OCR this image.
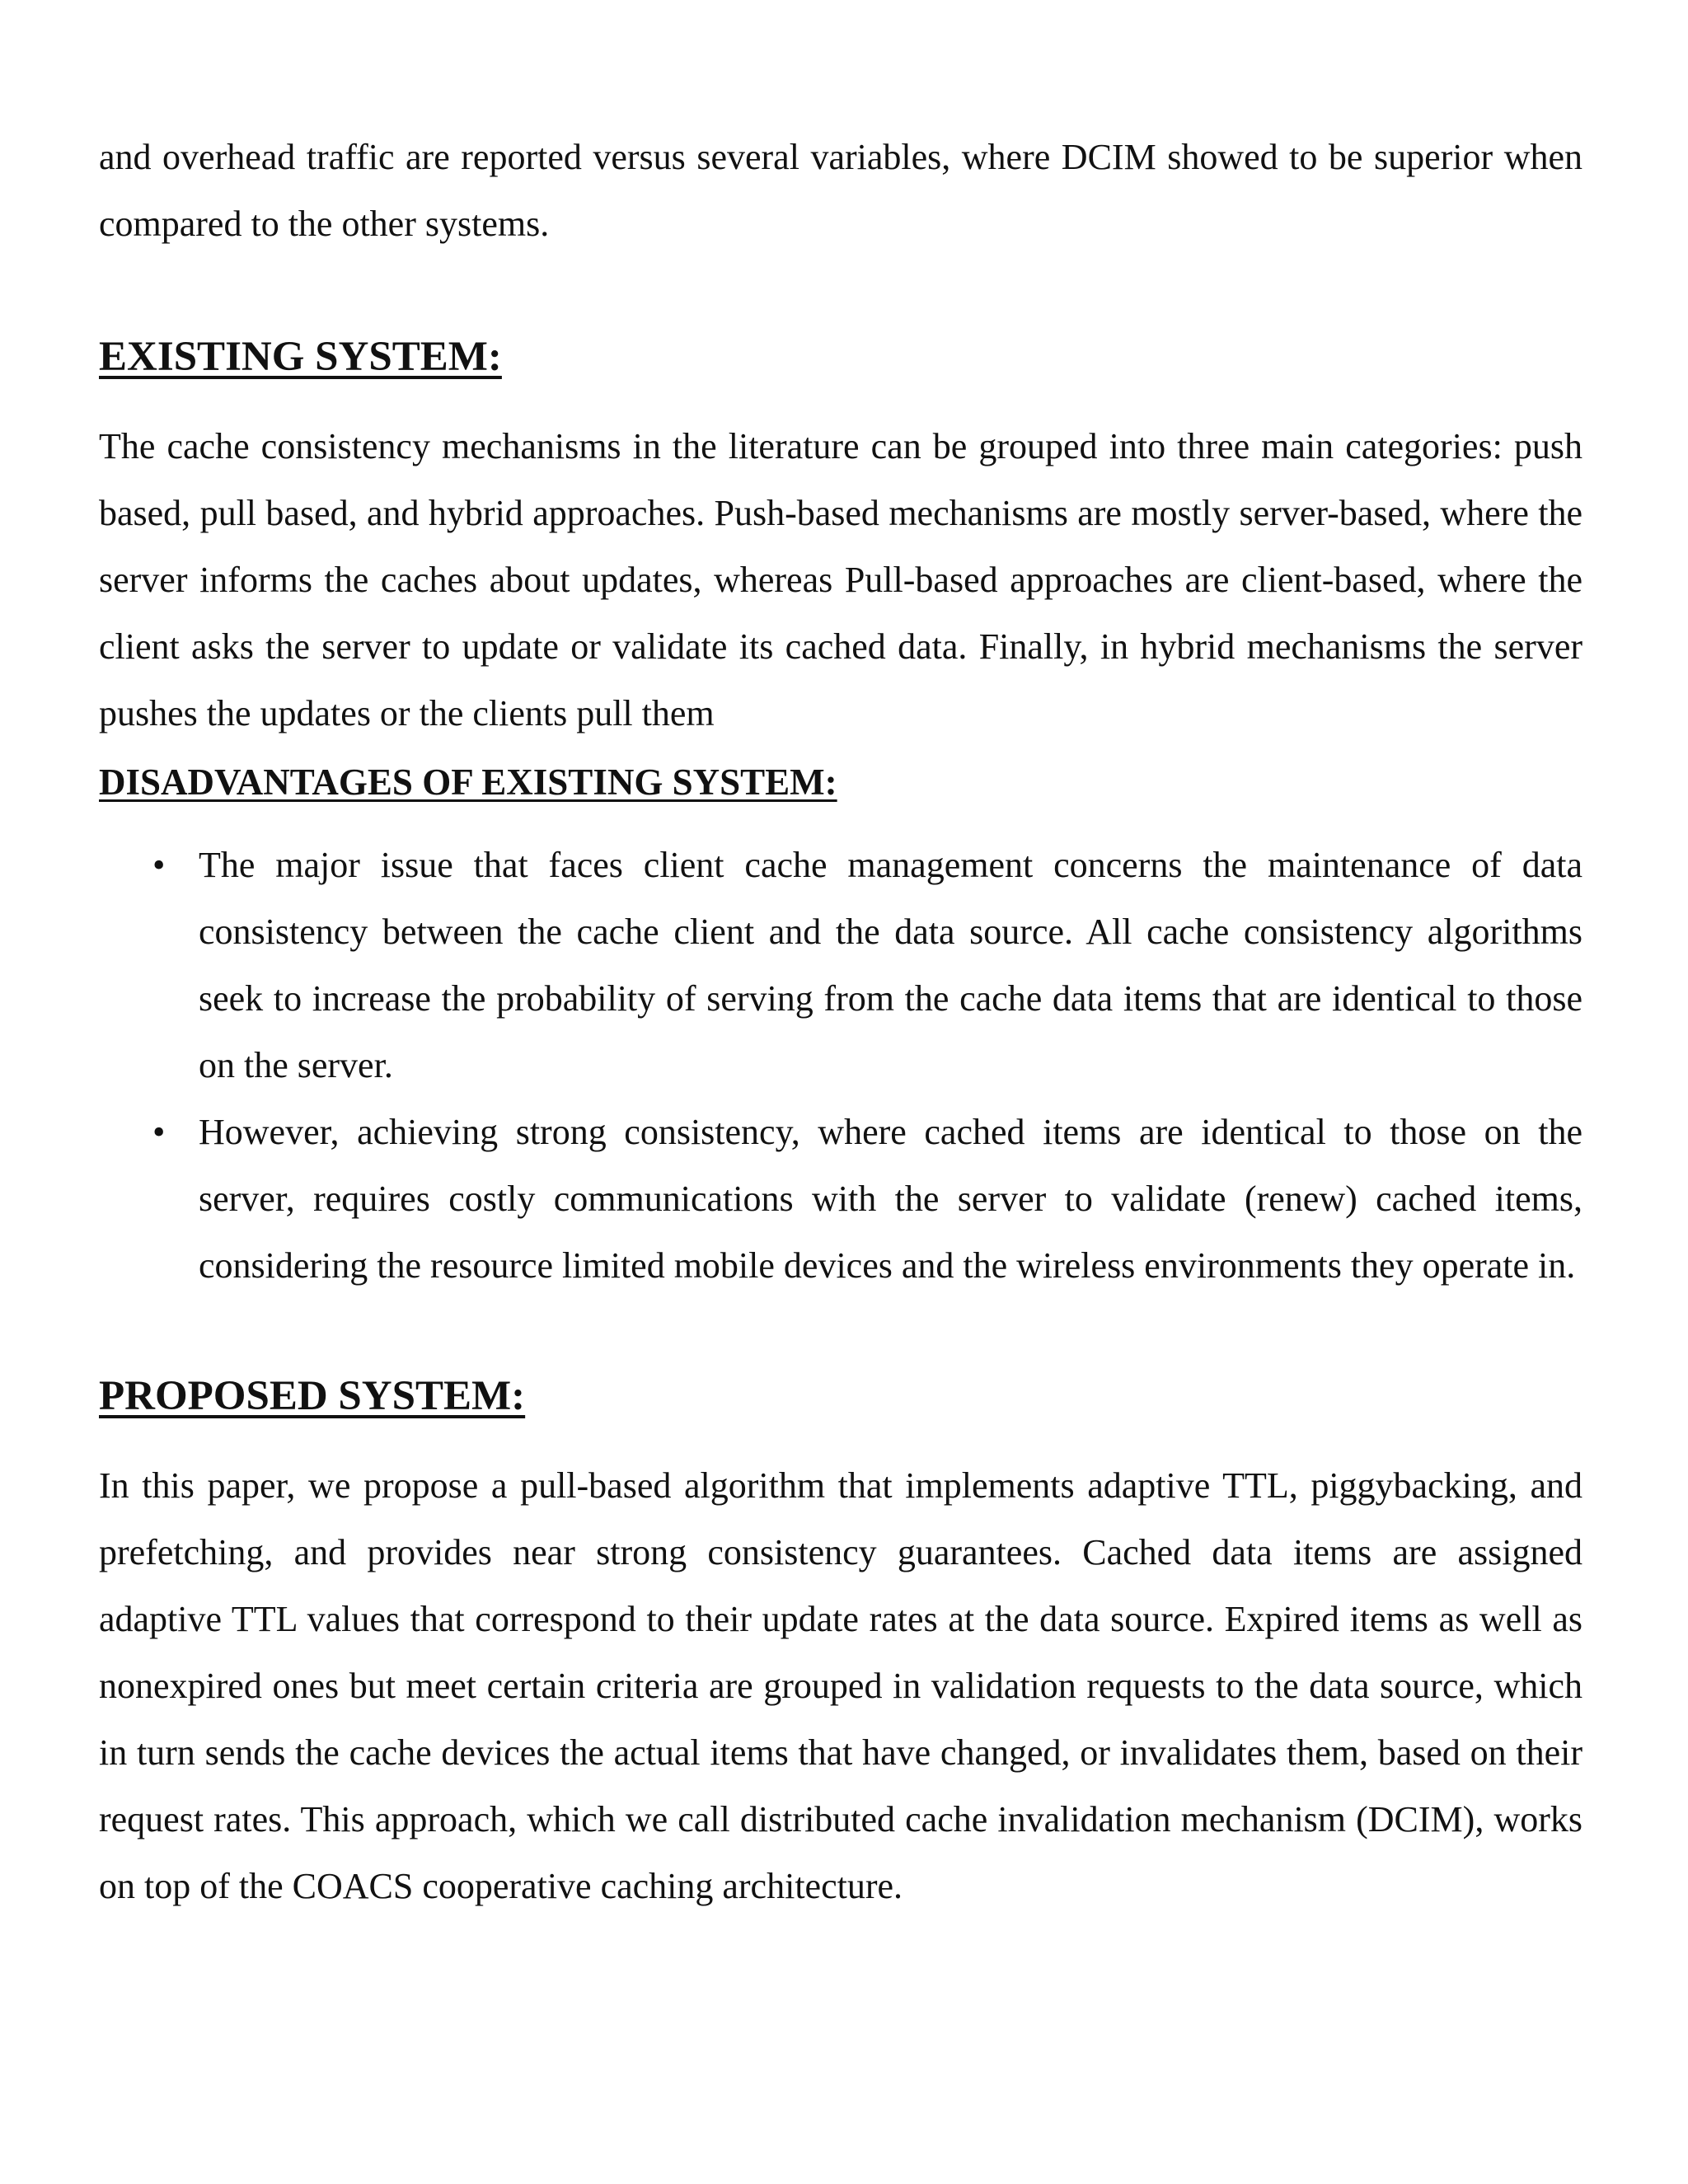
and overhead traffic are reported versus several variables, where DCIM showed to be superior when compared to the other systems.

EXISTING SYSTEM:

The cache consistency mechanisms in the literature can be grouped into three main categories: push based, pull based, and hybrid approaches. Push-based mechanisms are mostly server-based, where the server informs the caches about updates, whereas Pull-based approaches are client-based, where the client asks the server to update or validate its cached data. Finally, in hybrid mechanisms the server pushes the updates or the clients pull them

DISADVANTAGES OF EXISTING SYSTEM:
• The major issue that faces client cache management concerns the maintenance of data consistency between the cache client and the data source. All cache consistency algorithms seek to increase the probability of serving from the cache data items that are identical to those on the server.
• However, achieving strong consistency, where cached items are identical to those on the server, requires costly communications with the server to validate (renew) cached items, considering the resource limited mobile devices and the wireless environments they operate in.
PROPOSED SYSTEM:

In this paper, we propose a pull-based algorithm that implements adaptive TTL, piggybacking, and prefetching, and provides near strong consistency guarantees. Cached data items are assigned adaptive TTL values that correspond to their update rates at the data source. Expired items as well as nonexpired ones but meet certain criteria are grouped in validation requests to the data source, which in turn sends the cache devices the actual items that have changed, or invalidates them, based on their request rates. This approach, which we call distributed cache invalidation mechanism (DCIM), works on top of the COACS cooperative caching architecture.
